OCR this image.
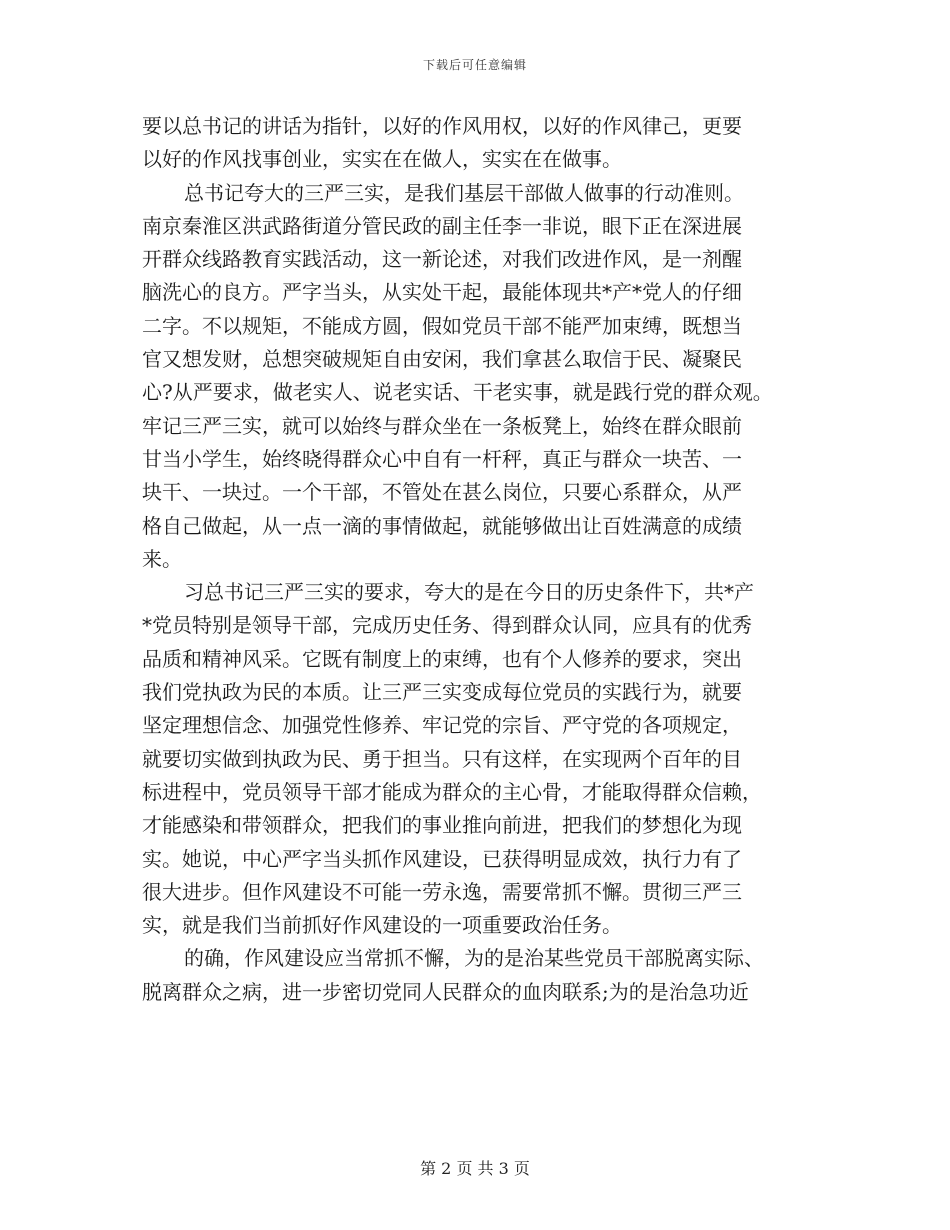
下载后可任意编辑
要以总书记的讲话为指针，以好的作风用权，以好的作风律己，更要
以好的作风找事创业，实实在在做人，实实在在做事。
总书记夸大的三严三实，是我们基层干部做人做事的行动准则。
南京秦淮区洪武路街道分管民政的副主任李一非说，眼下正在深进展
开群众线路教育实践活动，这一新论述，对我们改进作风，是一剂醒
脑洗心的良方。严字当头，从实处干起，最能体现共*产*党人的仔细
二字。不以规矩，不能成方圆，假如党员干部不能严加束缚，既想当
官又想发财，总想突破规矩自由安闲，我们拿甚么取信于民、凝聚民
心?从严要求，做老实人、说老实话、干老实事，就是践行党的群众观。
牢记三严三实，就可以始终与群众坐在一条板凳上，始终在群众眼前
甘当小学生，始终晓得群众心中自有一杆秤，真正与群众一块苦、一
块干、一块过。一个干部，不管处在甚么岗位，只要心系群众，从严
格自己做起，从一点一滴的事情做起，就能够做出让百姓满意的成绩
来。
习总书记三严三实的要求，夸大的是在今日的历史条件下，共*产
*党员特别是领导干部，完成历史任务、得到群众认同，应具有的优秀
品质和精神风采。它既有制度上的束缚，也有个人修养的要求，突出
我们党执政为民的本质。让三严三实变成每位党员的实践行为，就要
坚定理想信念、加强党性修养、牢记党的宗旨、严守党的各项规定，
就要切实做到执政为民、勇于担当。只有这样，在实现两个百年的目
标进程中，党员领导干部才能成为群众的主心骨，才能取得群众信赖，
才能感染和带领群众，把我们的事业推向前进，把我们的梦想化为现
实。她说，中心严字当头抓作风建设，已获得明显成效，执行力有了
很大进步。但作风建设不可能一劳永逸，需要常抓不懈。贯彻三严三
实，就是我们当前抓好作风建设的一项重要政治任务。
的确，作风建设应当常抓不懈，为的是治某些党员干部脱离实际、
脱离群众之病，进一步密切党同人民群众的血肉联系;为的是治急功近
第 2 页 共 3 页
